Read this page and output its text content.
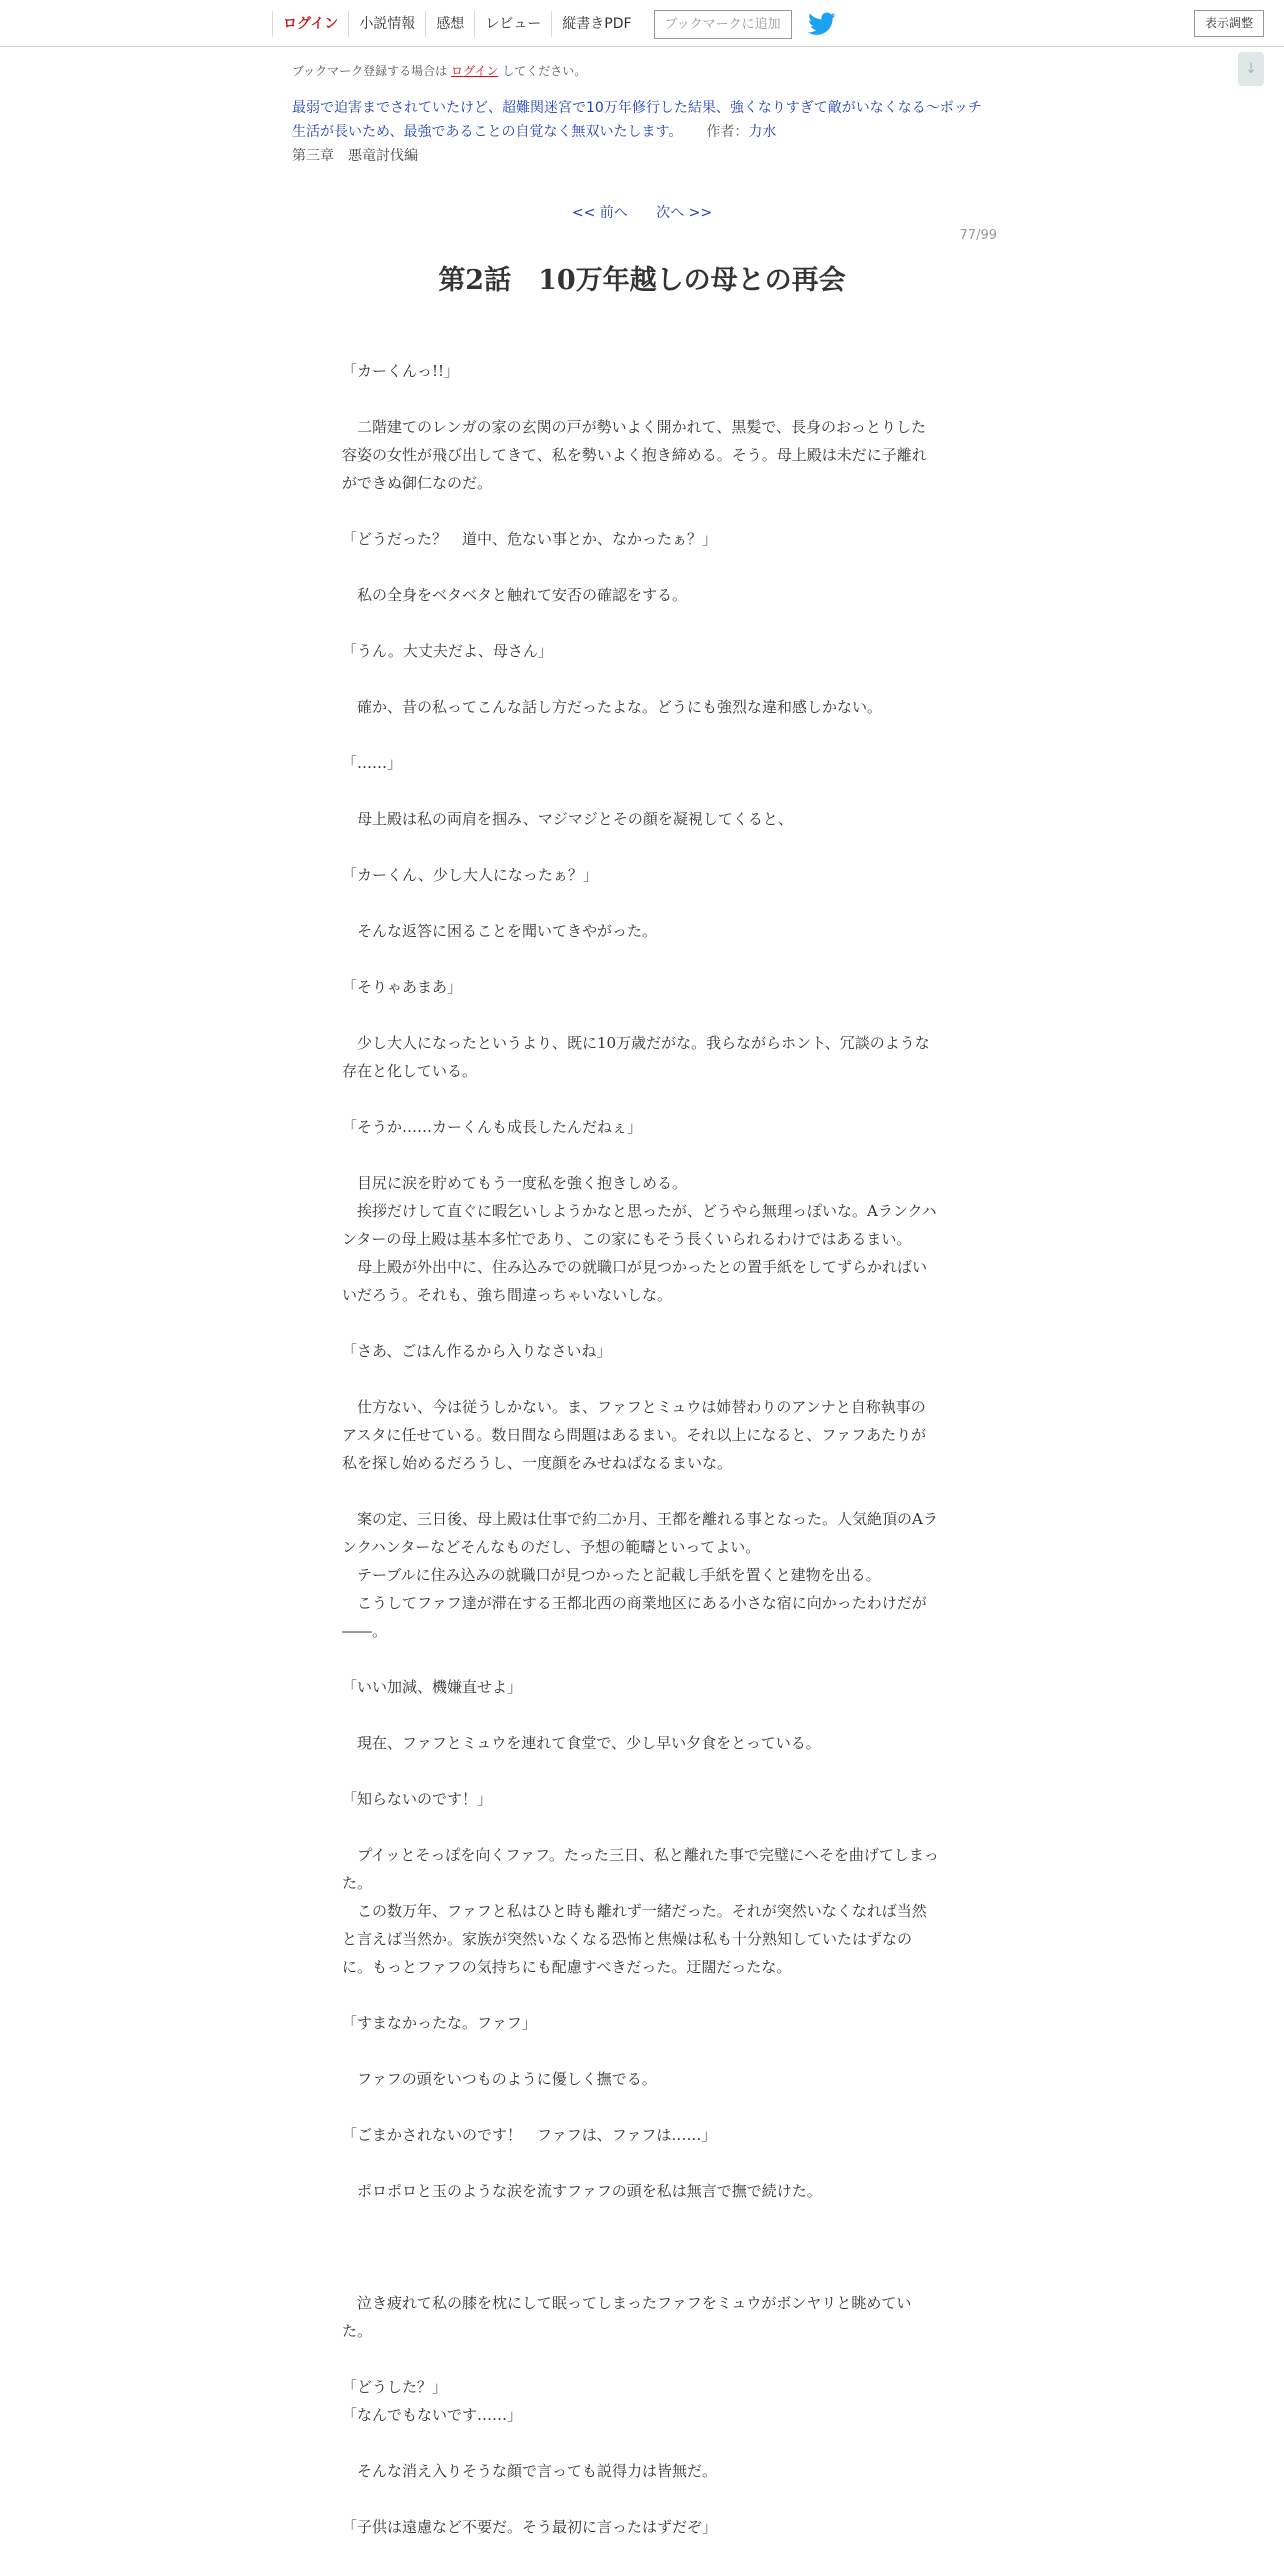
ログイン	小説情報	感想	レビュー	縦書きPDF	ブックマークに追加	表示調整
↓
ブックマーク登録する場合は ログイン してください。
最弱で迫害までされていたけど、超難関迷宮で10万年修行した結果、強くなりすぎて敵がいなくなる～ボッチ生活が長いため、最強であることの自覚なく無双いたします。 作者：力水
第三章　悪竜討伐編
<< 前へ 次へ >>
77/99
第2話　10万年越しの母との再会

「カーくんっ!!」

　二階建てのレンガの家の玄関の戸が勢いよく開かれて、黒髪で、長身のおっとりした容姿の女性が飛び出してきて、私を勢いよく抱き締める。そう。母上殿は未だに子離れができぬ御仁なのだ。

「どうだった？　道中、危ない事とか、なかったぁ？」

　私の全身をベタベタと触れて安否の確認をする。

「うん。大丈夫だよ、母さん」

　確か、昔の私ってこんな話し方だったよな。どうにも強烈な違和感しかない。

「……」

　母上殿は私の両肩を掴み、マジマジとその顔を凝視してくると、

「カーくん、少し大人になったぁ？」

　そんな返答に困ることを聞いてきやがった。

「そりゃあまあ」

　少し大人になったというより、既に10万歳だがな。我らながらホント、冗談のような存在と化している。

「そうか……カーくんも成長したんだねぇ」

　目尻に涙を貯めてもう一度私を強く抱きしめる。

　挨拶だけして直ぐに暇乞いしようかなと思ったが、どうやら無理っぽいな。Aランクハンターの母上殿は基本多忙であり、この家にもそう長くいられるわけではあるまい。

　母上殿が外出中に、住み込みでの就職口が見つかったとの置手紙をしてずらかればいいだろう。それも、強ち間違っちゃいないしな。

「さあ、ごはん作るから入りなさいね」

　仕方ない、今は従うしかない。ま、ファフとミュウは姉替わりのアンナと自称執事のアスタに任せている。数日間なら問題はあるまい。それ以上になると、ファフあたりが私を探し始めるだろうし、一度顔をみせねばなるまいな。

　案の定、三日後、母上殿は仕事で約二か月、王都を離れる事となった。人気絶頂のAランクハンターなどそんなものだし、予想の範疇といってよい。

　テーブルに住み込みの就職口が見つかったと記載し手紙を置くと建物を出る。

　こうしてファフ達が滞在する王都北西の商業地区にある小さな宿に向かったわけだが――。

「いい加減、機嫌直せよ」

　現在、ファフとミュウを連れて食堂で、少し早い夕食をとっている。

「知らないのです！」

　プイッとそっぽを向くファフ。たった三日、私と離れた事で完璧にヘそを曲げてしまった。

　この数万年、ファフと私はひと時も離れず一緒だった。それが突然いなくなれば当然と言えば当然か。家族が突然いなくなる恐怖と焦燥は私も十分熟知していたはずなのに。もっとファフの気持ちにも配慮すべきだった。迂闊だったな。

「すまなかったな。ファフ」

　ファフの頭をいつものように優しく撫でる。

「ごまかされないのです！　ファフは、ファフは……」

　ポロポロと玉のような涙を流すファフの頭を私は無言で撫で続けた。

　泣き疲れて私の膝を枕にして眠ってしまったファフをミュウがボンヤリと眺めていた。

「どうした？」

「なんでもないです……」

　そんな消え入りそうな顔で言っても説得力は皆無だ。

「子供は遠慮など不要だ。そう最初に言ったはずだぞ」
